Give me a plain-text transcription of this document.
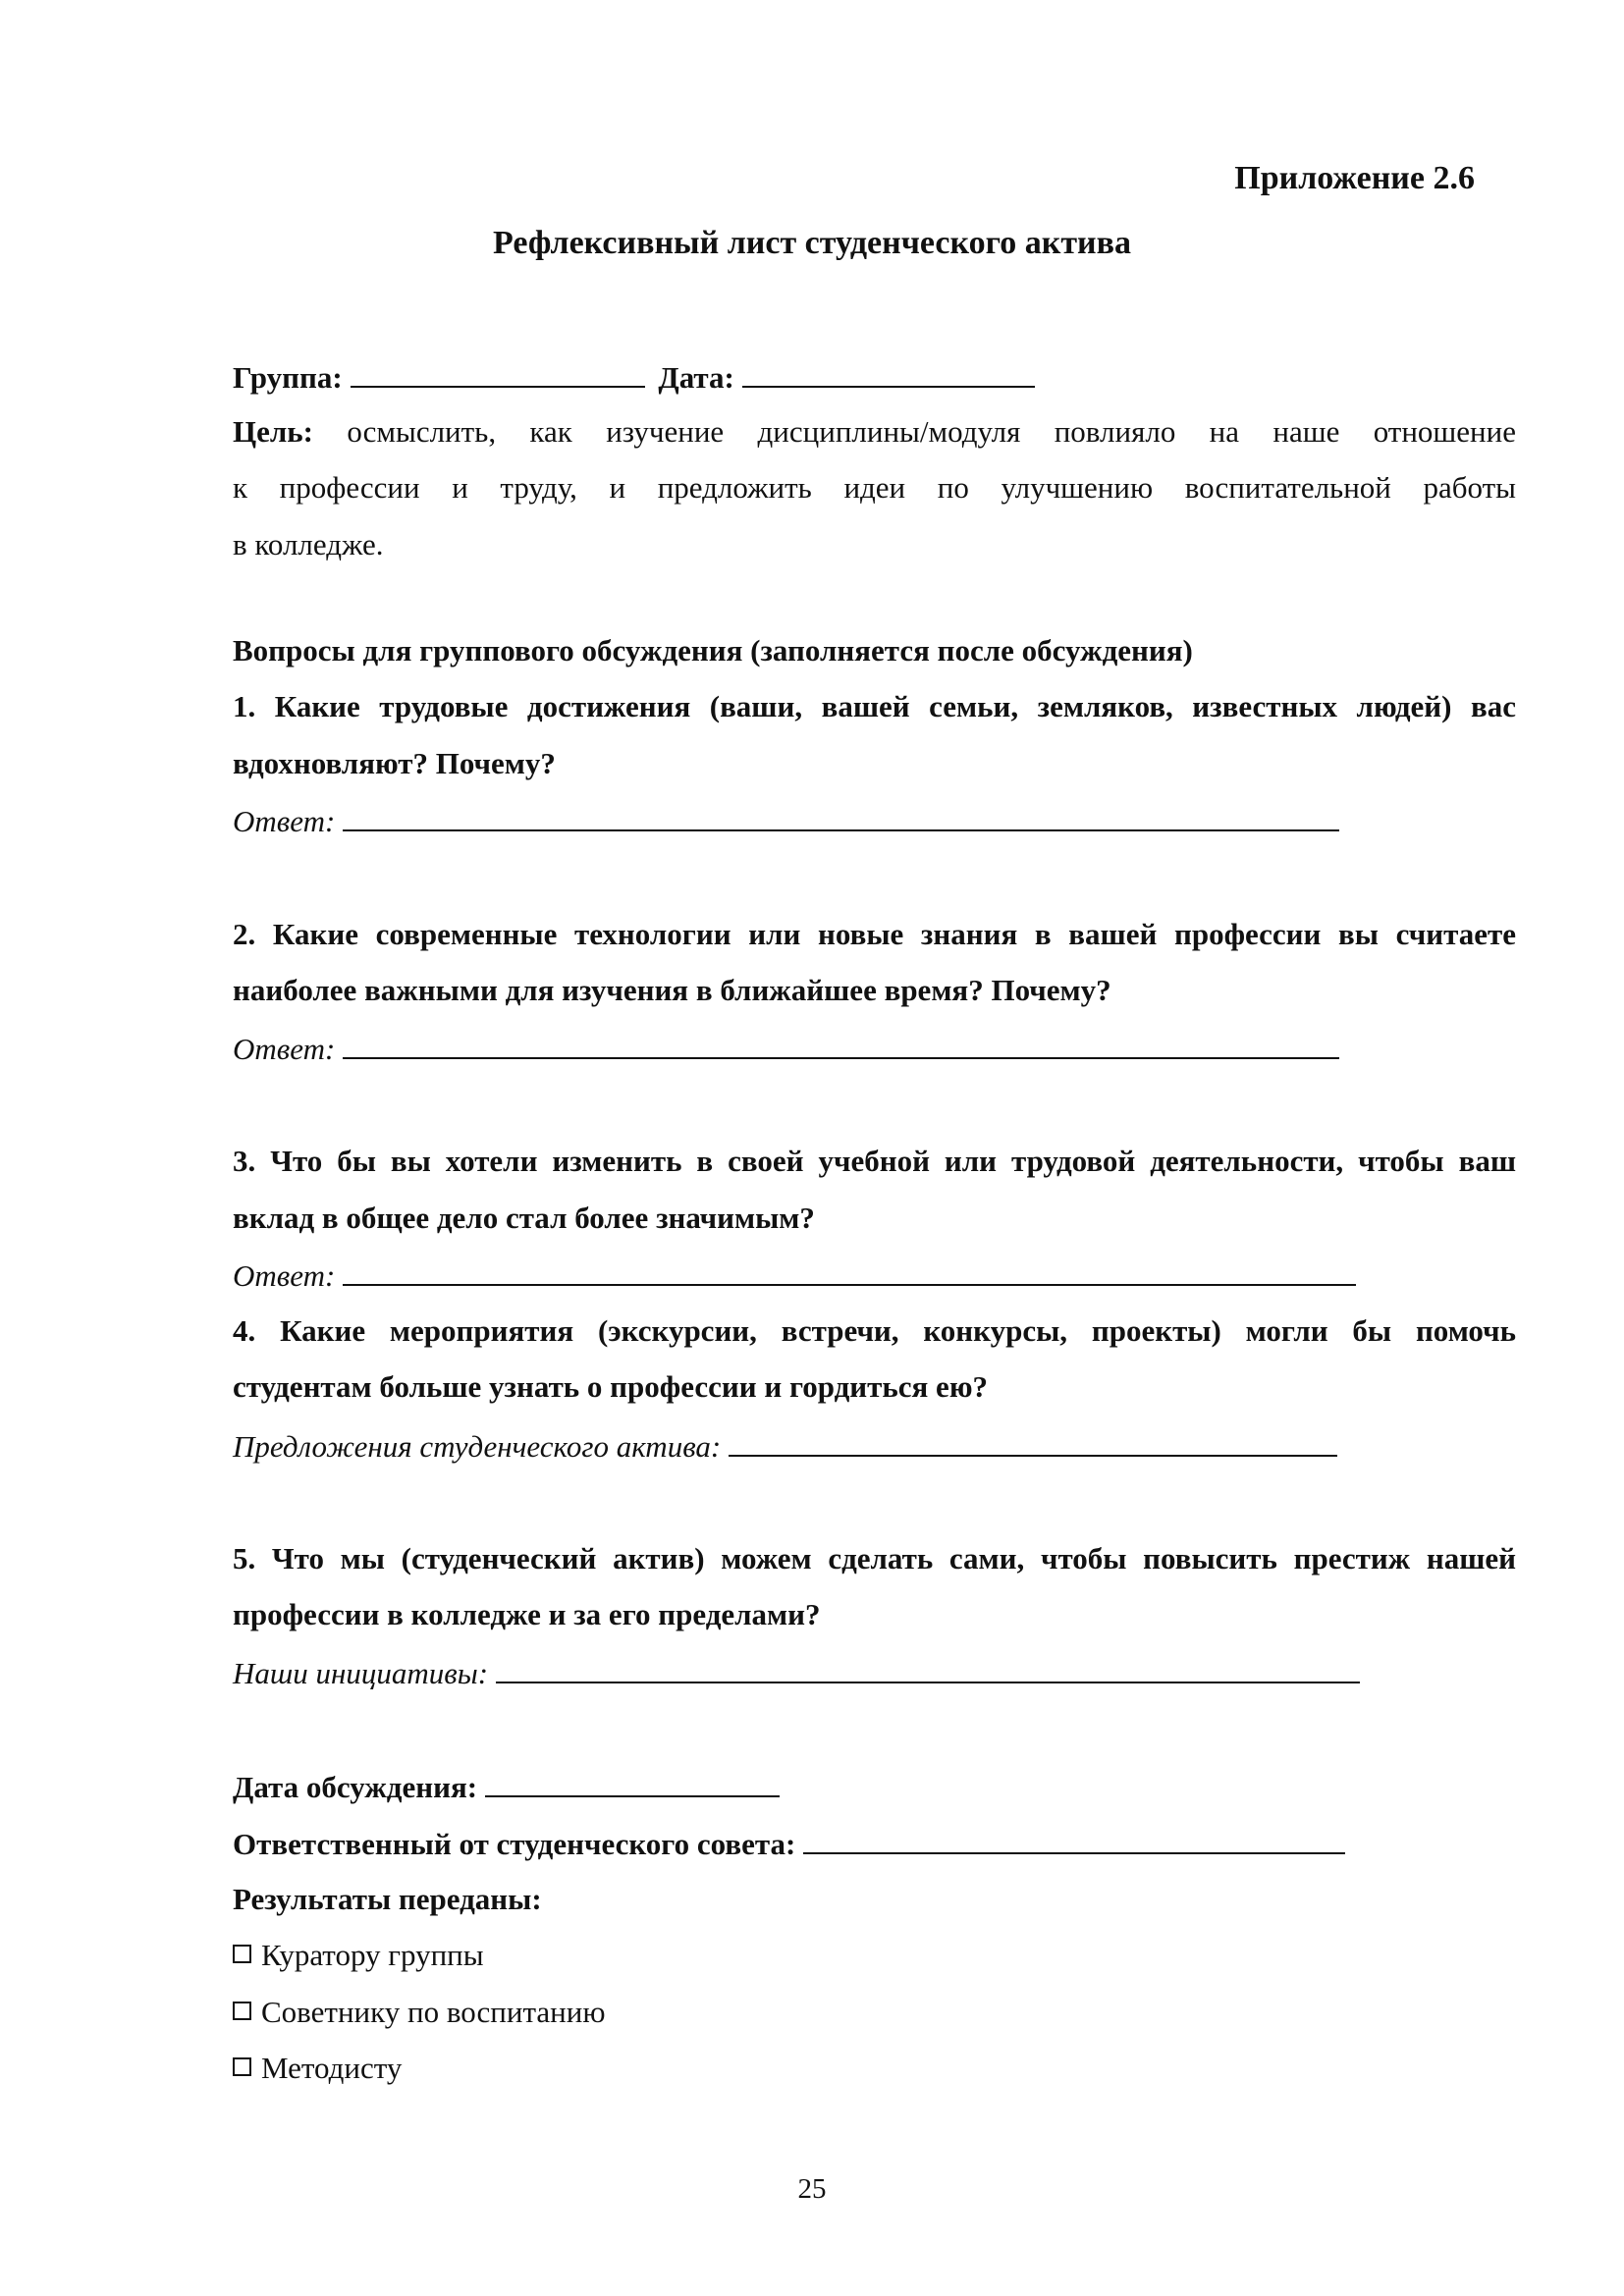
Приложение 2.6
Рефлексивный лист студенческого актива
Группа:	Дата:
Цель: осмыслить, как изучение дисциплины/модуля повлияло на наше отношение
к профессии и труду, и предложить идеи по улучшению воспитательной работы
в колледже.
Вопросы для группового обсуждения (заполняется после обсуждения)
1. Какие трудовые достижения (ваши, вашей семьи, земляков, известных людей) вас
вдохновляют? Почему?
Ответ:
2. Какие современные технологии или новые знания в вашей профессии вы считаете
наиболее важными для изучения в ближайшее время? Почему?
Ответ:
3. Что бы вы хотели изменить в своей учебной или трудовой деятельности, чтобы ваш
вклад в общее дело стал более значимым?
Ответ:
4. Какие мероприятия (экскурсии, встречи, конкурсы, проекты) могли бы помочь
студентам больше узнать о профессии и гордиться ею?
Предложения студенческого актива:
5. Что мы (студенческий актив) можем сделать сами, чтобы повысить престиж нашей
профессии в колледже и за его пределами?
Наши инициативы:
Дата обсуждения:
Ответственный от студенческого совета:
Результаты переданы:
Куратору группы
Советнику по воспитанию
Методисту
25
